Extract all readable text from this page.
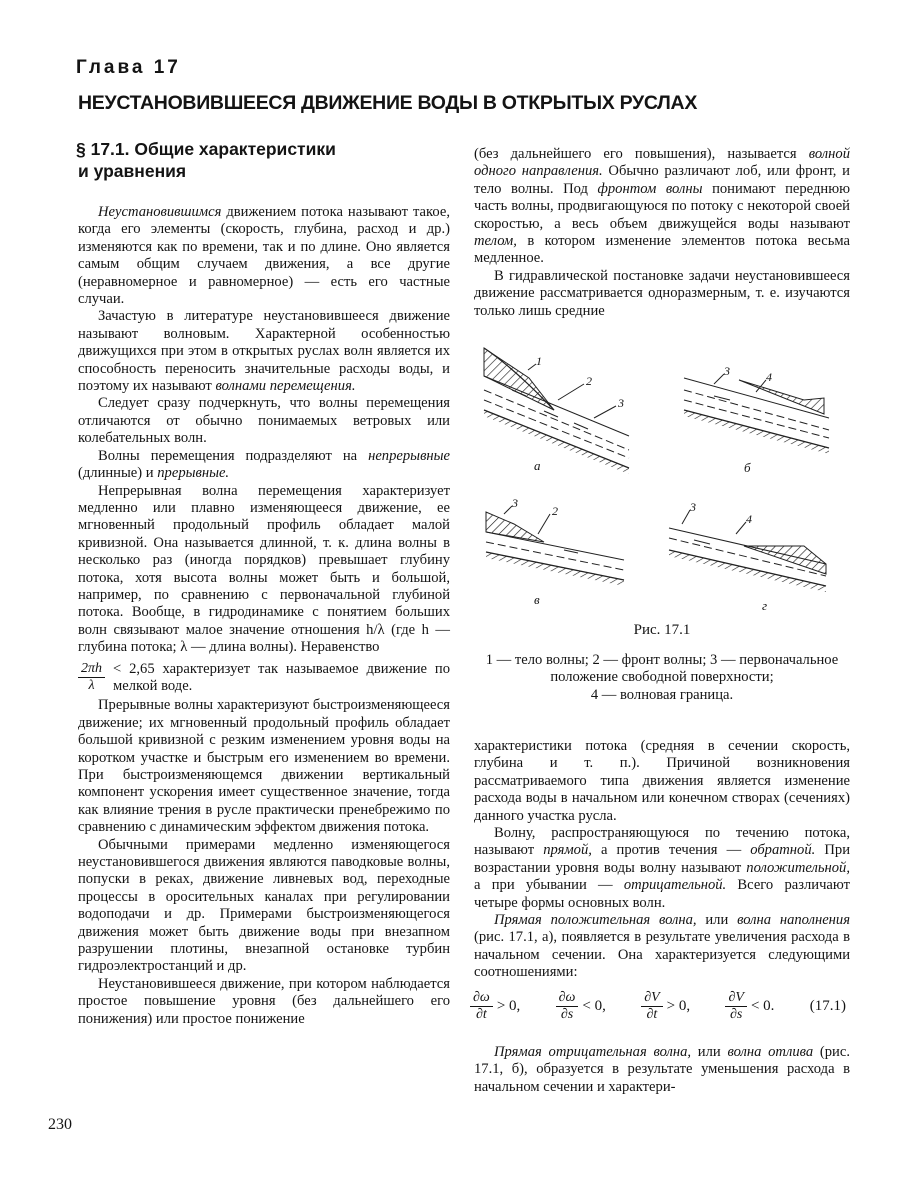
Глава 17
НЕУСТАНОВИВШЕЕСЯ ДВИЖЕНИЕ ВОДЫ В ОТКРЫТЫХ РУСЛАХ
§ 17.1. Общие характеристики
и уравнения

Неустановившимся движением потока называют такое, когда его элементы (скорость, глубина, расход и др.) изменяются как по времени, так и по длине. Оно является самым общим случаем движения, а все другие (неравномерное и равномерное) — есть его частные случаи.

Зачастую в литературе неустановившееся движение называют волновым. Характерной особенностью движущихся при этом в открытых руслах волн является их способность переносить значительные расходы воды, и поэтому их называют волнами перемещения.

Следует сразу подчеркнуть, что волны перемещения отличаются от обычно понимаемых ветровых или колебательных волн.

Волны перемещения подразделяют на непрерывные (длинные) и прерывные.

Непрерывная волна перемещения характеризует медленно или плавно изменяющееся движение, ее мгновенный продольный профиль обладает малой кривизной. Она называется длинной, т. к. длина волны в несколько раз (иногда порядков) превышает глубину потока, хотя высота волны может быть и большой, например, по сравнению с первоначальной глубиной потока. Вообще, в гидродинамике с понятием больших волн связывают малое значение отношения h/λ (где h — глубина потока; λ — длина волны). Неравенство

$\frac{2\pi h}{\lambda} < 2,65$ характеризует так называемое движение по мелкой воде.

Прерывные волны характеризуют быстроизменяющееся движение; их мгновенный продольный профиль обладает большой кривизной с резким изменением уровня воды на коротком участке и быстрым его изменением во времени. При быстроизменяющемся движении вертикальный компонент ускорения имеет существенное значение, тогда как влияние трения в русле практически пренебрежимо по сравнению с динамическим эффектом движения потока.

Обычными примерами медленно изменяющегося неустановившегося движения являются паводковые волны, попуски в реках, движение ливневых вод, переходные процессы в оросительных каналах при регулировании водоподачи и др. Примерами быстроизменяющегося движения может быть движение воды при внезапном разрушении плотины, внезапной остановке турбин гидроэлектростанций и др.

Неустановившееся движение, при котором наблюдается простое повышение уровня (без дальнейшего его понижения) или простое понижение

(без дальнейшего его повышения), называется волной одного направления. Обычно различают лоб, или фронт, и тело волны. Под фронтом волны понимают переднюю часть волны, продвигающуюся по потоку с некоторой своей скоростью, а весь объем движущейся воды называют телом, в котором изменение элементов потока весьма медленное.

В гидравлической постановке задачи неустановившееся движение рассматривается одноразмерным, т. е. изучаются только лишь средние

1
2
3
3	4
3
2	3
4
а	б
в	г
Рис. 17.1
1 — тело волны; 2 — фронт волны; 3 — первоначальное положение свободной поверхности;
4 — волновая граница.

характеристики потока (средняя в сечении скорость, глубина и т. п.). Причиной возникновения рассматриваемого типа движения является изменение расхода воды в начальном или конечном створах (сечениях) данного участка русла.

Волну, распространяющуюся по течению потока, называют прямой, а против течения — обратной. При возрастании уровня воды волну называют положительной, а при убывании — отрицательной. Всего различают четыре формы основных волн.

Прямая положительная волна, или волна наполнения (рис. 17.1, а), появляется в результате увеличения расхода в начальном сечении. Она характеризуется следующими соотношениями:

$\frac{\partial\omega}{\partial t} > 0$,	$\frac{\partial\omega}{\partial s} < 0$,	$\frac{\partial V}{\partial t} > 0$,	$\frac{\partial V}{\partial s} < 0$. (17.1)

Прямая отрицательная волна, или волна отлива (рис. 17.1, б), образуется в результате уменьшения расхода в начальном сечении и характери-

230
